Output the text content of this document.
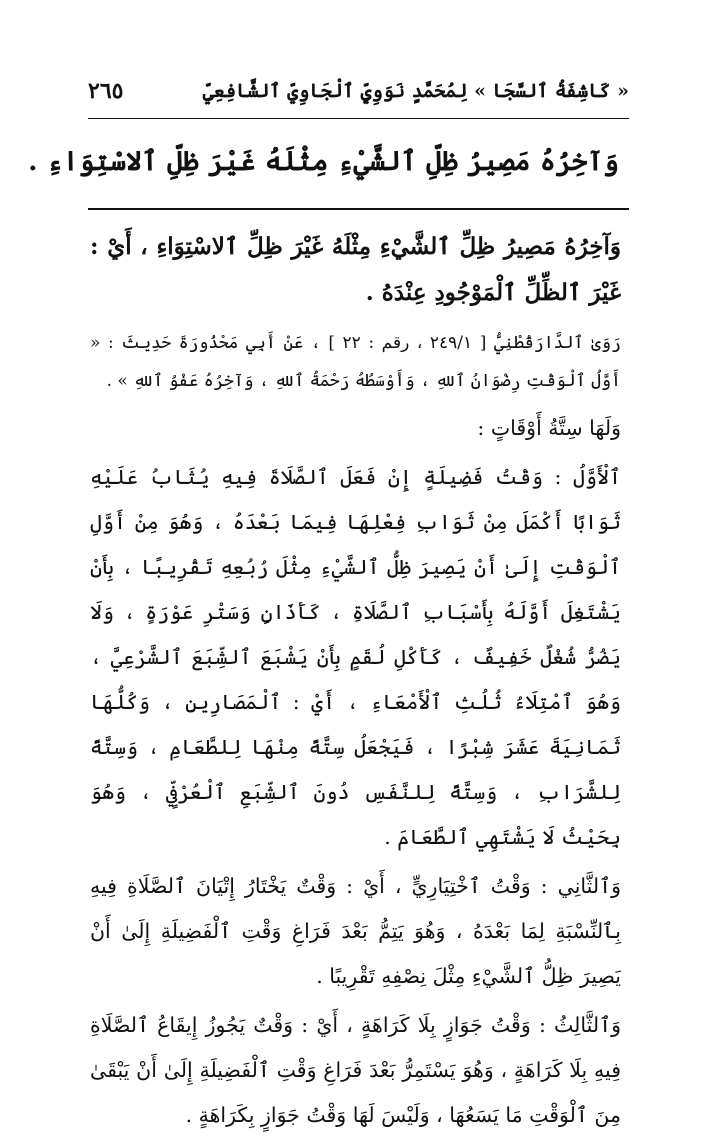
« كَاشِفَةُ ٱلسَّجَا » لِمُحَمَّدٍ نَوَوِيٍّ ٱلْجَاوِيِّ ٱلشَّافِعِيِّ
٢٦٥
وَآخِرُهُ مَصِيرُ ظِلِّ ٱلشَّيْءِ مِثْلَهُ غَيْرَ ظِلِّ ٱلاسْتِوَاءِ .

وَآخِرُهُ مَصِيرُ ظِلِّ ٱلشَّيْءِ مِثْلَهُ غَيْرَ ظِلِّ ٱلاسْتِوَاءِ ، أَيْ : غَيْرَ ٱلظِّلِّ ٱلْمَوْجُودِ عِنْدَهُ .

رَوَىٰ ٱلدَّارَقُطْنِيُّ [ ٢٤٩/١ ، رقم : ٢٢ ] ، عَنْ أَبِي مَحْذُورَةَ حَدِيثَ : « أَوَّلُ ٱلْوَقْتِ رِضْوَانُ ٱللهِ ، وَأَوْسَطُهُ رَحْمَةُ ٱللهِ ، وَآخِرُهُ عَفْوُ ٱللهِ » .

وَلَهَا سِتَّةُ أَوْقَاتٍ :

ٱلْأَوَّلُ : وَقْتُ فَضِيلَةٍ إِنْ فَعَلَ ٱلصَّلَاةَ فِيهِ يُثَابُ عَلَيْهِ ثَوَابًا أَكْمَلَ مِنْ ثَوَابِ فِعْلِهَا فِيمَا بَعْدَهُ ، وَهُوَ مِنْ أَوَّلِ ٱلْوَقْتِ إِلَىٰ أَنْ يَصِيرَ ظِلُّ ٱلشَّيْءِ مِثْلَ رُبُعِهِ تَقْرِيبًا ، بِأَنْ يَشْتَغِلَ أَوَّلَهُ بِأَسْبَابِ ٱلصَّلَاةِ ، كَأَذَانٍ وَسَتْرِ عَوْرَةٍ ، وَلَا يَضُرُّ شُغْلٌ خَفِيفٌ ، كَأَكْلِ لُقَمٍ بِأَنْ يَشْبَعَ ٱلشِّبَعَ ٱلشَّرْعِيَّ ، وَهُوَ ٱمْتِلَاءُ ثُلُثِ ٱلْأَمْعَاءِ ، أَيْ : ٱلْمَصَارِينِ ، وَكُلُّهَا ثَمَانِيَةَ عَشَرَ شِبْرًا ، فَيَجْعَلُ سِتَّةً مِنْهَا لِلطَّعَامِ ، وَسِتَّةً لِلشَّرَابِ ، وَسِتَّةً لِلنَّفَسِ دُونَ ٱلشِّبَعِ ٱلْعُرْفِيِّ ، وَهُوَ بِحَيْثُ لَا يَشْتَهِي ٱلطَّعَامَ .

وَٱلثَّانِي : وَقْتُ ٱخْتِيَارِيٍّ ، أَيْ : وَقْتٌ يَخْتَارُ إِتْيَانَ ٱلصَّلَاةِ فِيهِ بِٱلنِّسْبَةِ لِمَا بَعْدَهُ ، وَهُوَ يَتِمُّ بَعْدَ فَرَاغِ وَقْتِ ٱلْفَضِيلَةِ إِلَىٰ أَنْ يَصِيرَ ظِلُّ ٱلشَّيْءِ مِثْلَ نِصْفِهِ تَقْرِيبًا .

وَٱلثَّالِثُ : وَقْتُ جَوَازٍ بِلَا كَرَاهَةٍ ، أَيْ : وَقْتٌ يَجُوزُ إِيقَاعُ ٱلصَّلَاةِ فِيهِ بِلَا كَرَاهَةٍ ، وَهُوَ يَسْتَمِرُّ بَعْدَ فَرَاغِ وَقْتِ ٱلْفَضِيلَةِ إِلَىٰ أَنْ يَبْقَىٰ مِنَ ٱلْوَقْتِ مَا يَسَعُهَا ، وَلَيْسَ لَهَا وَقْتُ جَوَازٍ بِكَرَاهَةٍ .
